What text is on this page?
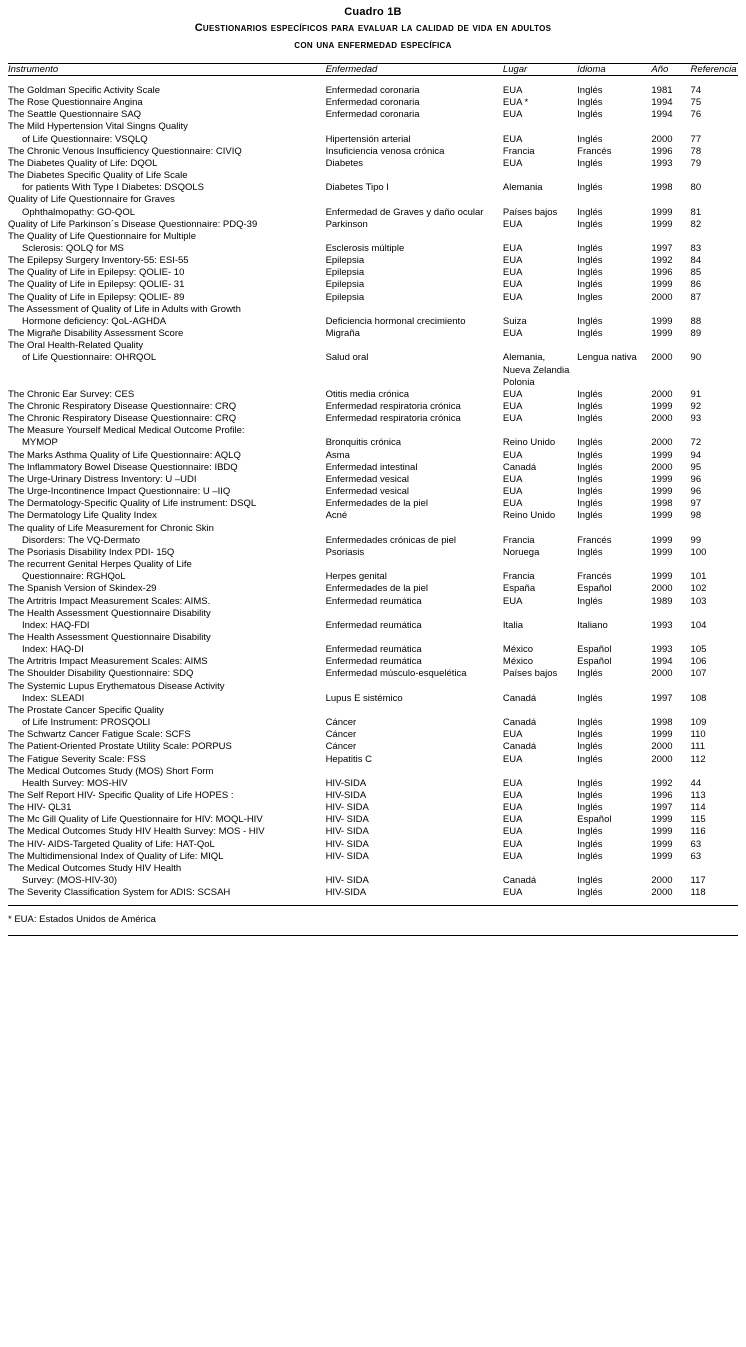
Cuadro 1B
Cuestionarios específicos para evaluar la calidad de vida en adultos
con una enfermedad específica
Instrumento	Enfermedad	Lugar	Idioma	Año	Referencia

The Goldman Specific Activity Scale	Enfermedad coronaria	EUA	Inglés	1981	74
The Rose Questionnaire Angina	Enfermedad coronaria	EUA *	Inglés	1994	75
The Seattle Questionnaire SAQ	Enfermedad coronaria	EUA	Inglés	1994	76
The Mild Hypertension Vital Singns Quality					

of Life Questionnaire: VSQLQ	Hipertensión arterial	EUA	Inglés	2000	77
The Chronic Venous Insufficiency Questionnaire: CIVIQ	Insuficiencia venosa crónica	Francia	Francés	1996	78
The Diabetes Quality of Life: DQOL	Diabetes	EUA	Inglés	1993	79
The Diabetes Specific Quality of Life Scale					

for patients With Type I Diabetes: DSQOLS	Diabetes Tipo I	Alemania	Inglés	1998	80
Quality of Life Questionnaire for Graves					

Ophthalmopathy: GO-QOL	Enfermedad de Graves y daño ocular	Países bajos	Inglés	1999	81
Quality of Life Parkinson´s Disease Questionnaire: PDQ-39	Parkinson	EUA	Inglés	1999	82
The Quality of Life Questionnaire for Multiple					

Sclerosis: QOLQ for MS	Esclerosis múltiple	EUA	Inglés	1997	83
The Epilepsy Surgery Inventory-55: ESI-55	Epilepsia	EUA	Inglés	1992	84
The Quality of Life in Epilepsy: QOLIE- 10	Epilepsia	EUA	Inglés	1996	85
The Quality of Life in Epilepsy: QOLIE- 31	Epilepsia	EUA	Inglés	1999	86
The Quality of Life in Epilepsy: QOLIE- 89	Epilepsia	EUA	Ingles	2000	87
The Assessment of Quality of Life in Adults with Growth					

Hormone deficiency: QoL-AGHDA	Deficiencia hormonal crecimiento	Suiza	Inglés	1999	88
The Migrañe Disability Assessment Score	Migraña	EUA	Inglés	1999	89
The Oral Health-Related Quality					

of Life Questionnaire: OHRQOL	Salud oral	Alemania,	Lengua nativa	2000	90
		Nueva Zelandia			
		Polonia			
The Chronic Ear Survey: CES	Otitis media crónica	EUA	Inglés	2000	91
The Chronic Respiratory Disease Questionnaire: CRQ	Enfermedad respiratoria crónica	EUA	Inglés	1999	92
The Chronic Respiratory Disease Questionnaire: CRQ	Enfermedad respiratoria crónica	EUA	Inglés	2000	93
The Measure Yourself Medical Medical Outcome Profile:					

MYMOP	Bronquitis crónica	Reino Unido	Inglés	2000	72
The Marks Asthma Quality of Life Questionnaire: AQLQ	Asma	EUA	Inglés	1999	94
The Inflammatory Bowel Disease Questionnaire: IBDQ	Enfermedad intestinal	Canadá	Inglés	2000	95
The Urge-Urinary Distress Inventory: U –UDI	Enfermedad vesical	EUA	Inglés	1999	96
The Urge-Incontinence Impact Questionnaire: U –IIQ	Enfermedad vesical	EUA	Inglés	1999	96
The Dermatology-Specific Quality of Life instrument: DSQL	Enfermedades de la piel	EUA	Inglés	1998	97
The Dermatology Life Quality Index	Acné	Reino Unido	Inglés	1999	98
The quality of Life Measurement for Chronic Skin					

Disorders: The VQ-Dermato	Enfermedades crónicas de piel	Francia	Francés	1999	99
The Psoriasis Disability Index PDI- 15Q	Psoriasis	Noruega	Inglés	1999	100
The recurrent Genital Herpes Quality of Life					

Questionnaire: RGHQoL	Herpes genital	Francia	Francés	1999	101
The Spanish Version of Skindex-29	Enfermedades de la piel	España	Español	2000	102
The Artritris Impact Measurement Scales: AIMS.	Enfermedad reumática	EUA	Inglés	1989	103
The Health Assessment Questionnaire Disability					

Index: HAQ-FDI	Enfermedad reumática	Italia	Italiano	1993	104
The Health Assessment Questionnaire Disability					

Index: HAQ-DI	Enfermedad reumática	México	Español	1993	105
The Artritris Impact Measurement Scales: AIMS	Enfermedad reumática	México	Español	1994	106
The Shoulder Disability Questionnaire: SDQ	Enfermedad músculo-esquelética	Países bajos	Inglés	2000	107
The Systemic Lupus Erythematous Disease Activity					

Index: SLEADI	Lupus E sistémico	Canadá	Inglés	1997	108
The Prostate Cancer Specific Quality					

of Life Instrument: PROSQOLI	Cáncer	Canadá	Inglés	1998	109
The Schwartz Cancer Fatigue Scale: SCFS	Cáncer	EUA	Inglés	1999	110
The Patient-Oriented Prostate Utility Scale: PORPUS	Cáncer	Canadá	Inglés	2000	111
The Fatigue Severity Scale: FSS	Hepatitis C	EUA	Inglés	2000	112
The Medical Outcomes Study (MOS) Short Form					

Health Survey: MOS-HIV	HIV-SIDA	EUA	Inglés	1992	44
The Self Report HIV- Specific Quality of Life HOPES :	HIV-SIDA	EUA	Inglés	1996	113
The HIV- QL31	HIV- SIDA	EUA	Inglés	1997	114
The Mc Gill Quality of Life Questionnaire for HIV: MOQL-HIV	HIV- SIDA	EUA	Español	1999	115
The Medical Outcomes Study HIV Health Survey: MOS - HIV	HIV- SIDA	EUA	Inglés	1999	116
The HIV- AIDS-Targeted Quality of Life: HAT-QoL	HIV- SIDA	EUA	Inglés	1999	63
The Multidimensional Index of Quality of Life: MIQL	HIV- SIDA	EUA	Inglés	1999	63
The Medical Outcomes Study HIV Health					

Survey: (MOS-HIV-30)	HIV- SIDA	Canadá	Inglés	2000	117
The Severity Classification System for ADIS: SCSAH	HIV-SIDA	EUA	Inglés	2000	118
* EUA: Estados Unidos de América
